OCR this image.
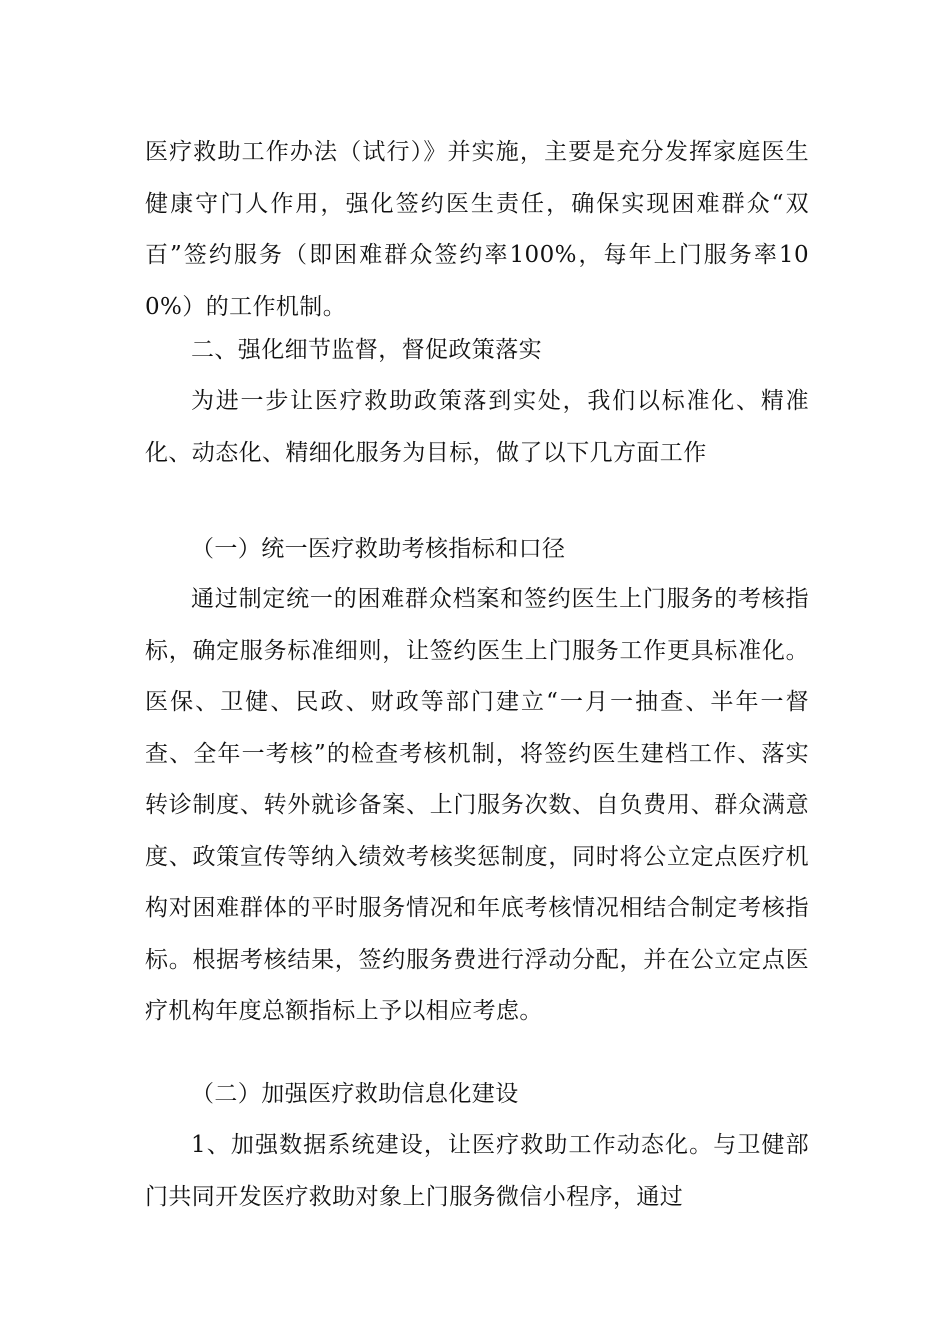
医疗救助工作办法（试行）》并实施，主要是充分发挥家庭医生健康守门人作用，强化签约医生责任，确保实现困难群众“双百”签约服务（即困难群众签约率100%，每年上门服务率100%）的工作机制。

二、强化细节监督，督促政策落实

为进一步让医疗救助政策落到实处，我们以标准化、精准化、动态化、精细化服务为目标，做了以下几方面工作

（一）统一医疗救助考核指标和口径

通过制定统一的困难群众档案和签约医生上门服务的考核指标，确定服务标准细则，让签约医生上门服务工作更具标准化。医保、卫健、民政、财政等部门建立“一月一抽查、半年一督查、全年一考核”的检查考核机制，将签约医生建档工作、落实转诊制度、转外就诊备案、上门服务次数、自负费用、群众满意度、政策宣传等纳入绩效考核奖惩制度，同时将公立定点医疗机构对困难群体的平时服务情况和年底考核情况相结合制定考核指标。根据考核结果，签约服务费进行浮动分配，并在公立定点医疗机构年度总额指标上予以相应考虑。

（二）加强医疗救助信息化建设

1、加强数据系统建设，让医疗救助工作动态化。与卫健部门共同开发医疗救助对象上门服务微信小程序，通过
